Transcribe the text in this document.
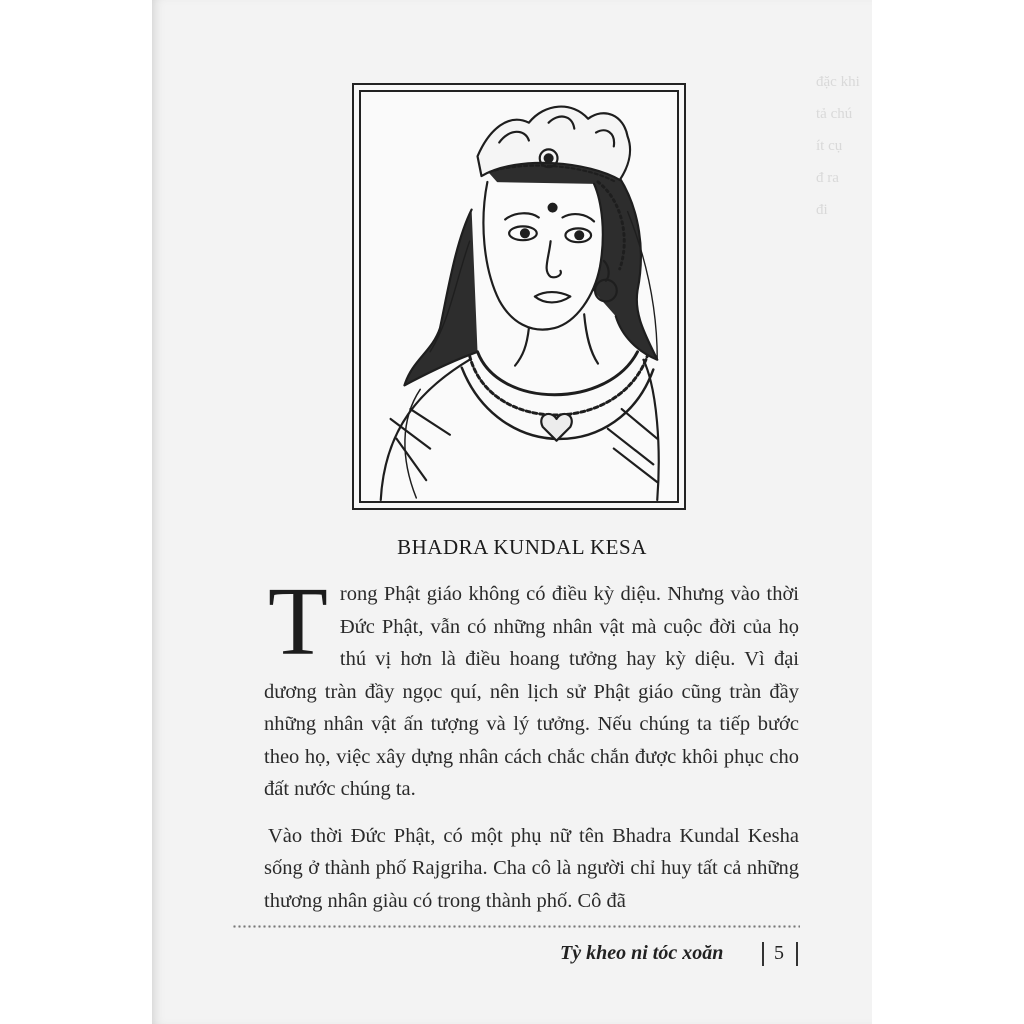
đặc khi
tả chú
ít cụ
đ ra
đi
BHADRA KUNDAL KESA

Trong Phật giáo không có điều kỳ diệu. Nhưng vào thời Đức Phật, vẫn có những nhân vật mà cuộc đời của họ thú vị hơn là điều hoang tưởng hay kỳ diệu. Vì đại dương tràn đầy ngọc quí, nên lịch sử Phật giáo cũng tràn đầy những nhân vật ấn tượng và lý tưởng. Nếu chúng ta tiếp bước theo họ, việc xây dựng nhân cách chắc chắn được khôi phục cho đất nước chúng ta.

Vào thời Đức Phật, có một phụ nữ tên Bhadra Kundal Kesha sống ở thành phố Rajgriha. Cha cô là người chỉ huy tất cả những thương nhân giàu có trong thành phố. Cô đã

Tỳ kheo ni tóc xoăn	5
